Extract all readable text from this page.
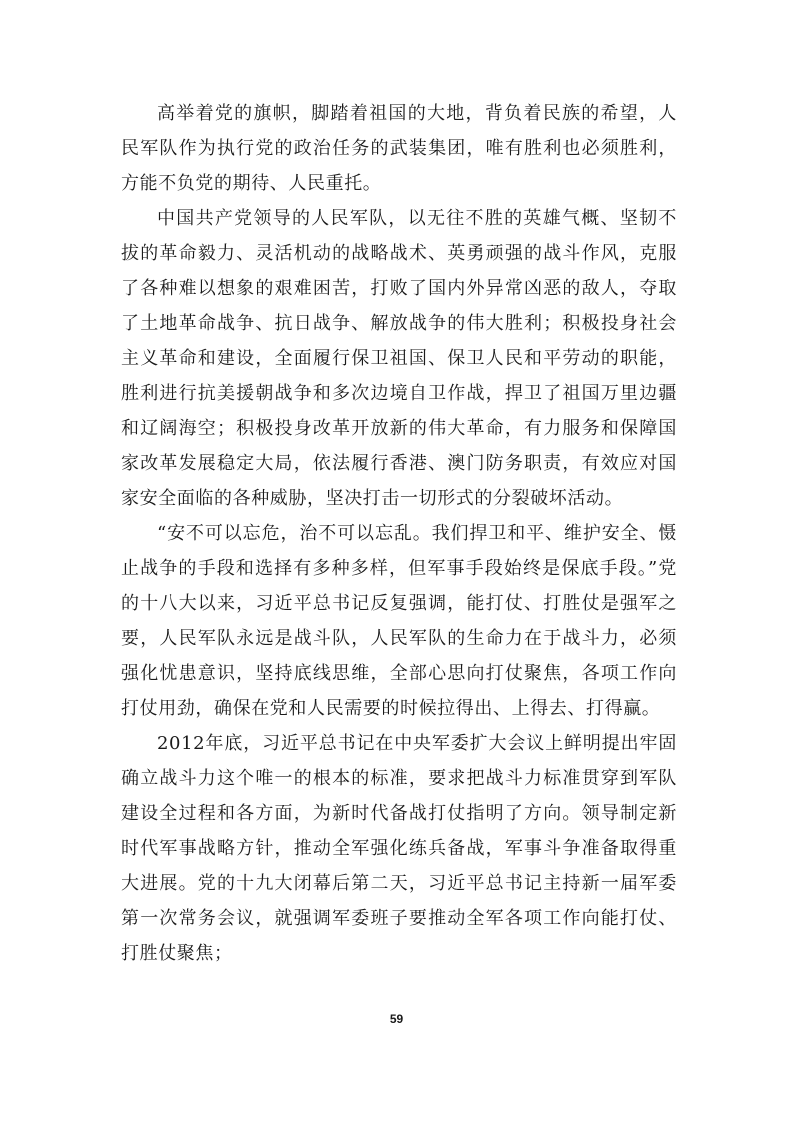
高举着党的旗帜，脚踏着祖国的大地，背负着民族的希望，人民军队作为执行党的政治任务的武装集团，唯有胜利也必须胜利，方能不负党的期待、人民重托。

中国共产党领导的人民军队，以无往不胜的英雄气概、坚韧不拔的革命毅力、灵活机动的战略战术、英勇顽强的战斗作风，克服了各种难以想象的艰难困苦，打败了国内外异常凶恶的敌人，夺取了土地革命战争、抗日战争、解放战争的伟大胜利；积极投身社会主义革命和建设，全面履行保卫祖国、保卫人民和平劳动的职能，胜利进行抗美援朝战争和多次边境自卫作战，捍卫了祖国万里边疆和辽阔海空；积极投身改革开放新的伟大革命，有力服务和保障国家改革发展稳定大局，依法履行香港、澳门防务职责，有效应对国家安全面临的各种威胁，坚决打击一切形式的分裂破坏活动。

“安不可以忘危，治不可以忘乱。我们捍卫和平、维护安全、慑止战争的手段和选择有多种多样，但军事手段始终是保底手段。”党的十八大以来，习近平总书记反复强调，能打仗、打胜仗是强军之要，人民军队永远是战斗队，人民军队的生命力在于战斗力，必须强化忧患意识，坚持底线思维，全部心思向打仗聚焦，各项工作向打仗用劲，确保在党和人民需要的时候拉得出、上得去、打得赢。

2012年底，习近平总书记在中央军委扩大会议上鲜明提出牢固确立战斗力这个唯一的根本的标准，要求把战斗力标准贯穿到军队建设全过程和各方面，为新时代备战打仗指明了方向。领导制定新时代军事战略方针，推动全军强化练兵备战，军事斗争准备取得重大进展。党的十九大闭幕后第二天，习近平总书记主持新一届军委第一次常务会议，就强调军委班子要推动全军各项工作向能打仗、打胜仗聚焦；

59
